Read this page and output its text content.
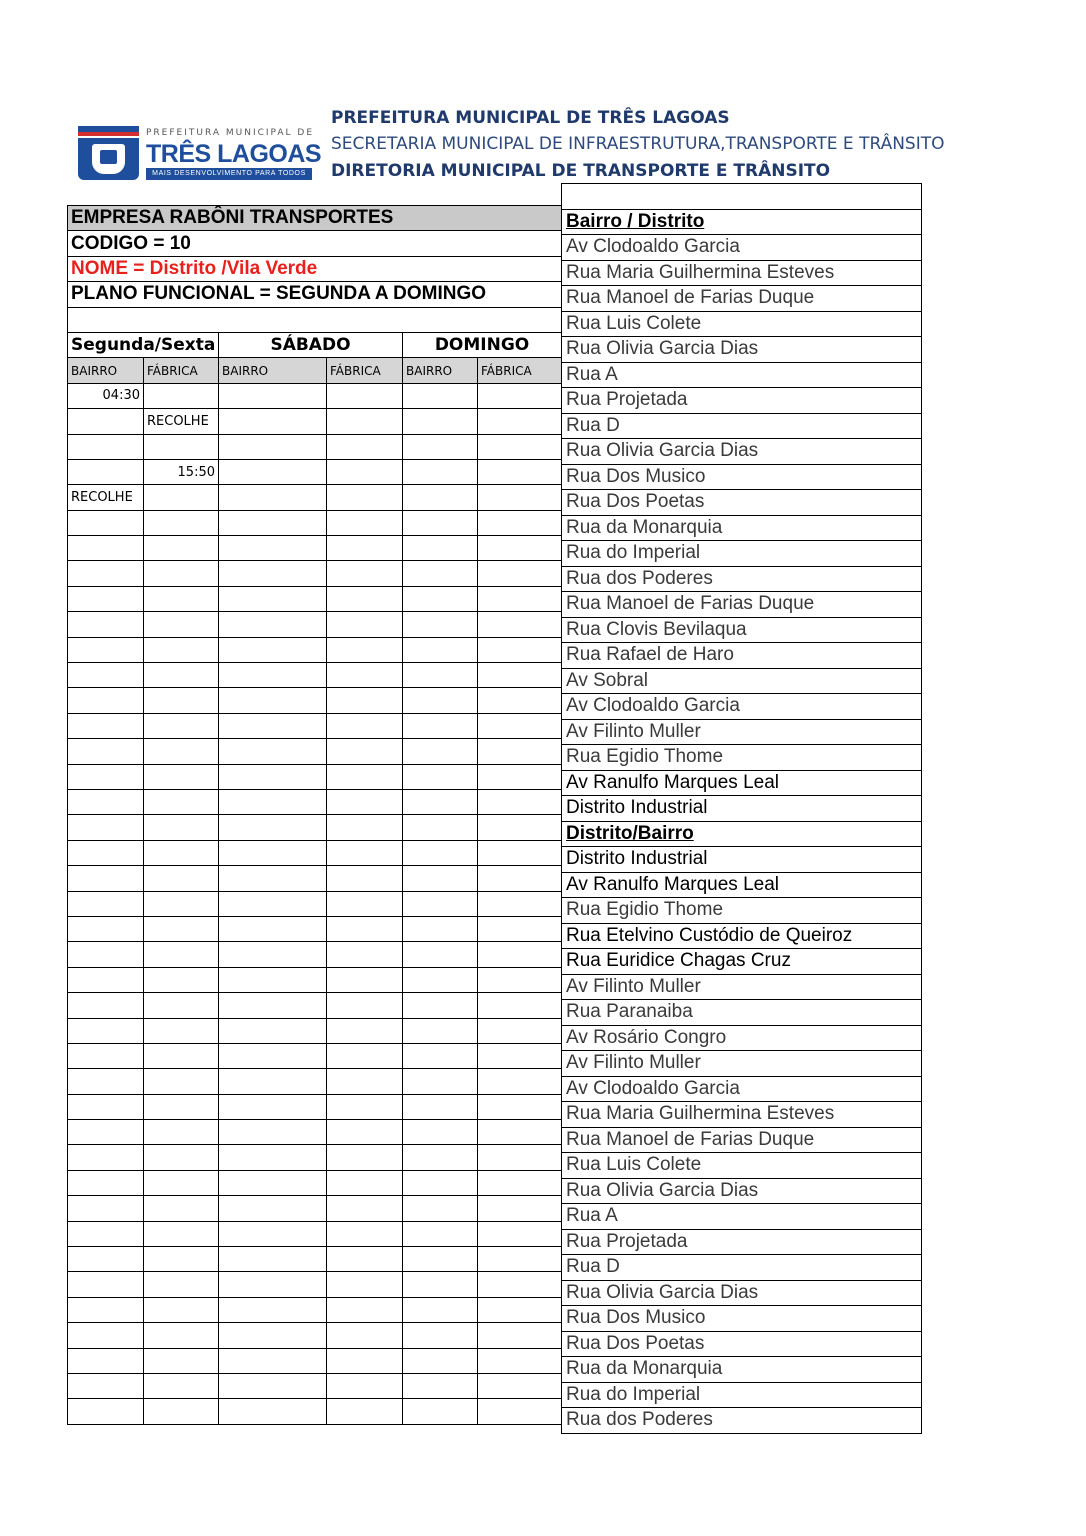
PREFEITURA MUNICIPAL DE
TRÊS LAGOAS
MAIS DESENVOLVIMENTO PARA TODOS
PREFEITURA MUNICIPAL DE TRÊS LAGOAS
SECRETARIA MUNICIPAL DE INFRAESTRUTURA,TRANSPORTE E TRÂNSITO
DIRETORIA MUNICIPAL DE TRANSPORTE E TRÂNSITO
EMPRESA RABÔNI TRANSPORTES					
CODIGO = 10					
NOME = Distrito /Vila Verde					
PLANO FUNCIONAL = SEGUNDA A DOMINGO					

Segunda/Sexta		SÁBADO		DOMINGO	
BAIRRO	FÁBRICA	BAIRRO	FÁBRICA	BAIRRO	FÁBRICA
04:30					
	RECOLHE				

	15:50				
RECOLHE					

Bairro / Distrito
Av Clodoaldo Garcia
Rua Maria Guilhermina Esteves
Rua Manoel de Farias Duque
Rua Luis Colete
Rua Olivia Garcia Dias
Rua A
Rua Projetada
Rua D
Rua Olivia Garcia Dias
Rua Dos Musico
Rua Dos Poetas
Rua da Monarquia
Rua do Imperial
Rua dos Poderes
Rua Manoel de Farias Duque
Rua Clovis Bevilaqua
Rua Rafael de Haro
Av Sobral
Av Clodoaldo Garcia
Av Filinto Muller
Rua Egidio Thome
Av Ranulfo Marques Leal
Distrito Industrial
Distrito/Bairro
Distrito Industrial
Av Ranulfo Marques Leal
Rua Egidio Thome
Rua Etelvino Custódio de Queiroz
Rua Euridice Chagas Cruz
Av Filinto Muller
Rua Paranaiba
Av Rosário Congro
Av Filinto Muller
Av Clodoaldo Garcia
Rua Maria Guilhermina Esteves
Rua Manoel de Farias Duque
Rua Luis Colete
Rua Olivia Garcia Dias
Rua A
Rua Projetada
Rua D
Rua Olivia Garcia Dias
Rua Dos Musico
Rua Dos Poetas
Rua da Monarquia
Rua do Imperial
Rua dos Poderes
